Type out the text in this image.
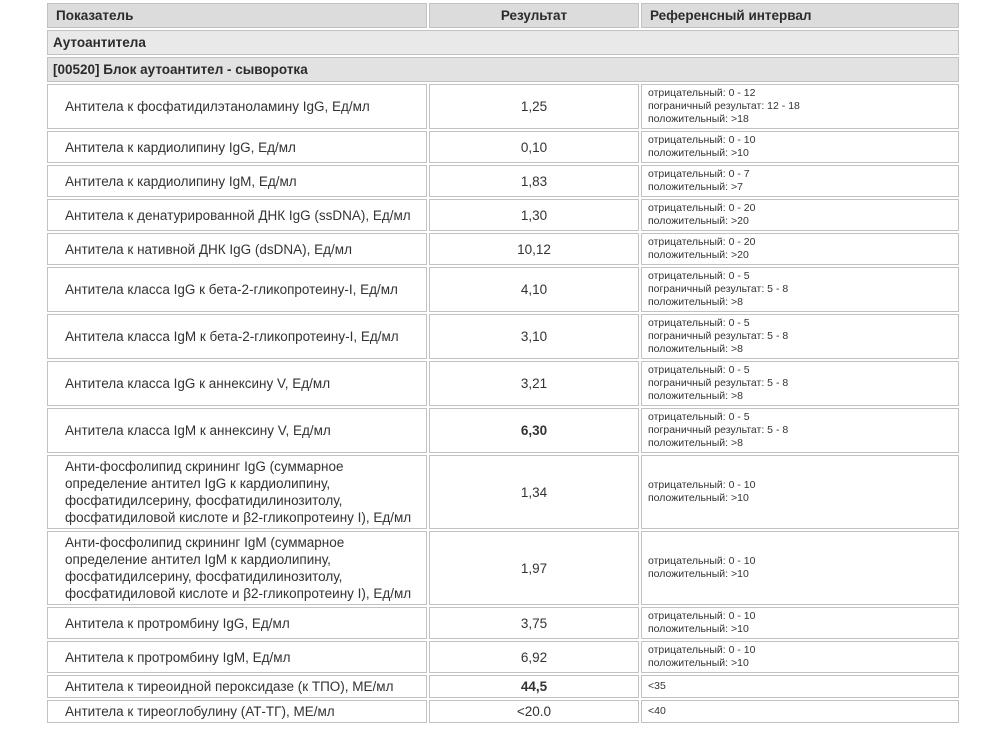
Показатель	Результат	Референсный интервал
Аутоантитела		
[00520] Блок аутоантител - сыворотка		
Антитела к фосфатидилэтаноламину IgG, Ед/мл	1,25	отрицательный: 0 - 12
пограничный результат: 12 - 18
положительный: >18

Антитела к кардиолипину IgG, Ед/мл	0,10	отрицательный: 0 - 10
положительный: >10

Антитела к кардиолипину IgM, Ед/мл	1,83	отрицательный: 0 - 7
положительный: >7

Антитела к денатурированной ДНК IgG (ssDNA), Ед/мл	1,30	отрицательный: 0 - 20
положительный: >20

Антитела к нативной ДНК IgG (dsDNA), Ед/мл	10,12	отрицательный: 0 - 20
положительный: >20

Антитела класса IgG к бета-2-гликопротеину-I, Ед/мл	4,10	отрицательный: 0 - 5
пограничный результат: 5 - 8
положительный: >8

Антитела класса IgM к бета-2-гликопротеину-I, Ед/мл	3,10	отрицательный: 0 - 5
пограничный результат: 5 - 8
положительный: >8

Антитела класса IgG к аннексину V, Ед/мл	3,21	отрицательный: 0 - 5
пограничный результат: 5 - 8
положительный: >8

Антитела класса IgM к аннексину V, Ед/мл	6,30	отрицательный: 0 - 5
пограничный результат: 5 - 8
положительный: >8

Анти-фосфолипид скрининг IgG (суммарное определение антител IgG к кардиолипину, фосфатидилсерину, фосфатидилинозитолу, фосфатидиловой кислоте и β2-гликопротеину I), Ед/мл	1,34	отрицательный: 0 - 10
положительный: >10

Анти-фосфолипид скрининг IgM (суммарное определение антител IgM к кардиолипину, фосфатидилсерину, фосфатидилинозитолу, фосфатидиловой кислоте и β2-гликопротеину I), Ед/мл	1,97	отрицательный: 0 - 10
положительный: >10

Антитела к протромбину IgG, Ед/мл	3,75	отрицательный: 0 - 10
положительный: >10

Антитела к протромбину IgM, Ед/мл	6,92	отрицательный: 0 - 10
положительный: >10

Антитела к тиреоидной пероксидазе (к ТПО), МЕ/мл	44,5	<35

Антитела к тиреоглобулину (АТ-ТГ), МЕ/мл	<20.0	<40
